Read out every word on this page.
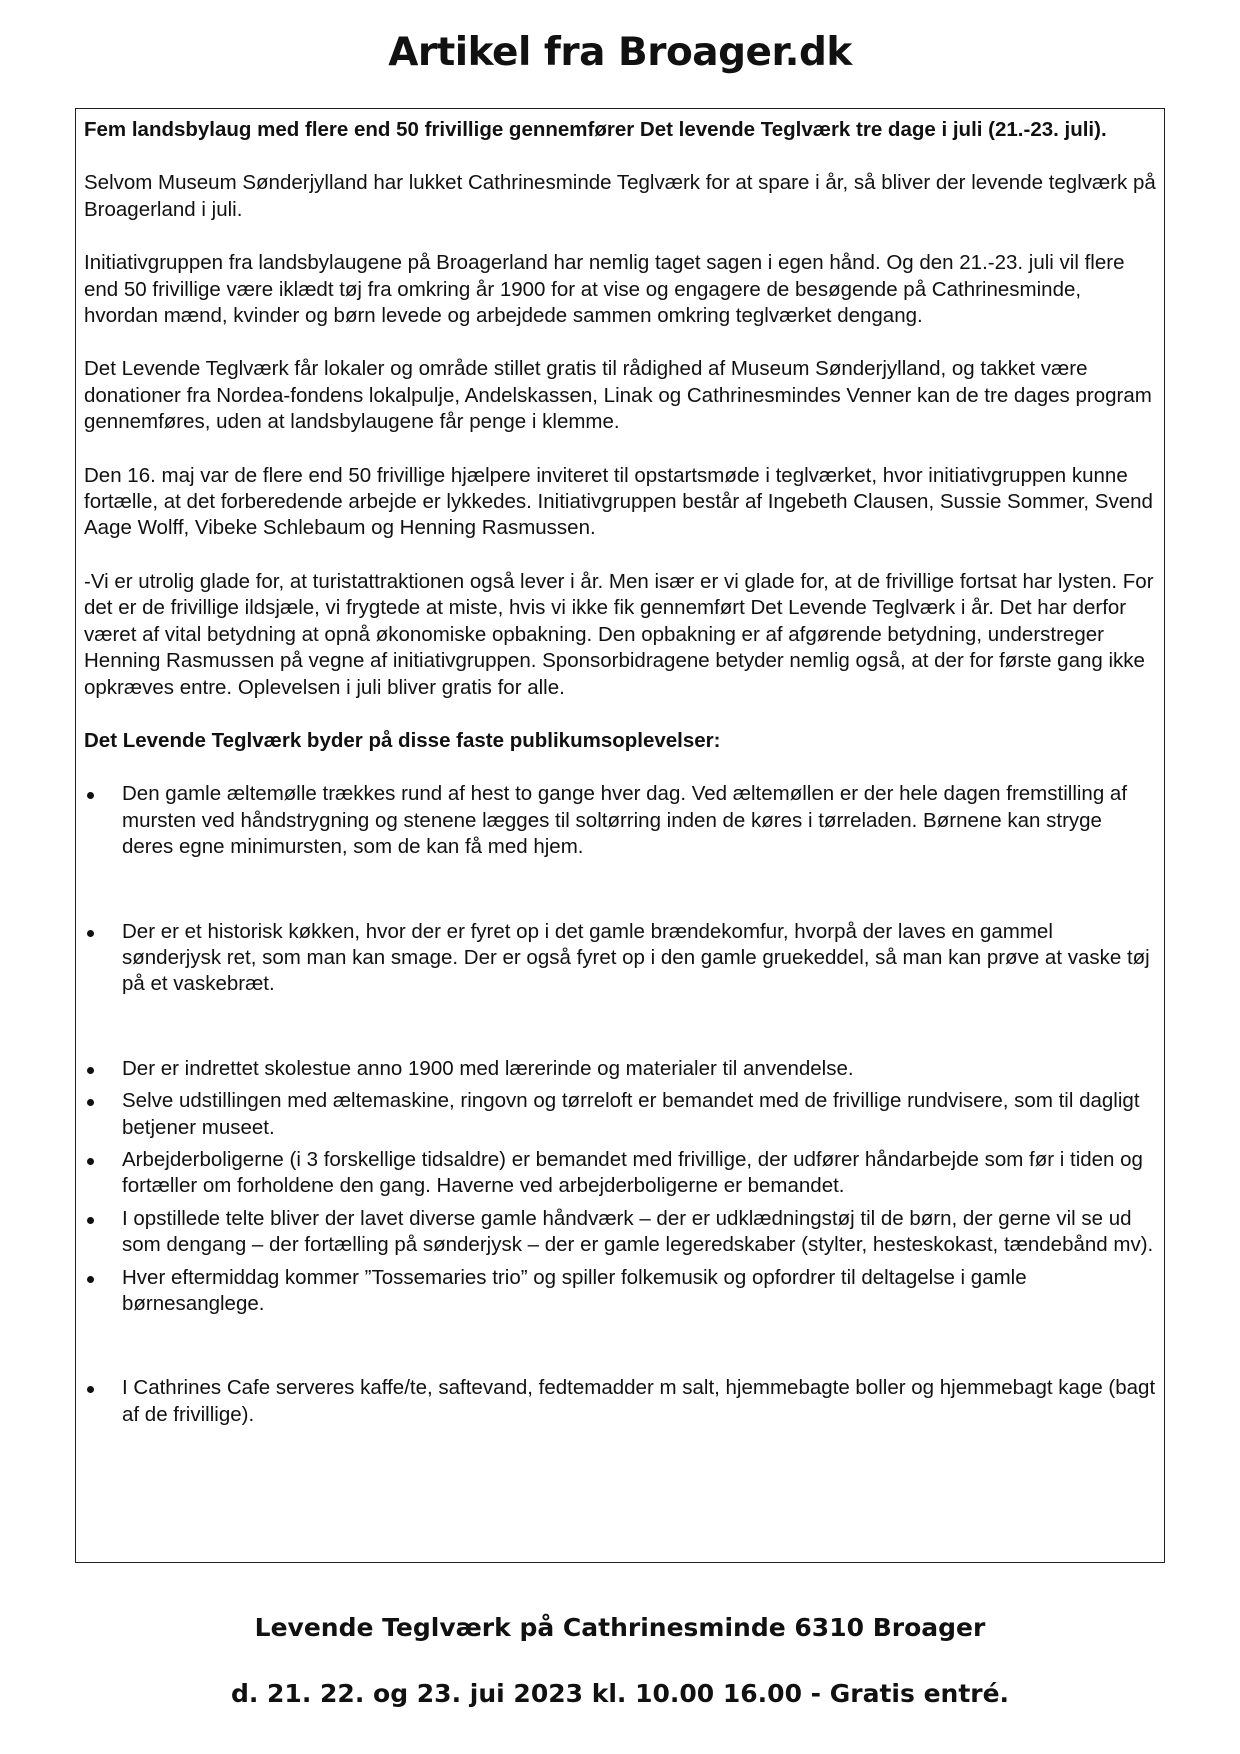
Artikel fra Broager.dk

Fem landsbylaug med flere end 50 frivillige gennemfører Det levende Teglværk tre dage i juli (21.-23. juli).

Selvom Museum Sønderjylland har lukket Cathrinesminde Teglværk for at spare i år, så bliver der levende teglværk på Broagerland i juli.

Initiativgruppen fra landsbylaugene på Broagerland har nemlig taget sagen i egen hånd. Og den 21.-23. juli vil flere end 50 frivillige være iklædt tøj fra omkring år 1900 for at vise og engagere de besøgende på Cathrinesminde, hvordan mænd, kvinder og børn levede og arbejdede sammen omkring teglværket dengang.

Det Levende Teglværk får lokaler og område stillet gratis til rådighed af Museum Sønderjylland, og takket være donationer fra Nordea-fondens lokalpulje, Andelskassen, Linak og Cathrinesmindes Venner kan de tre dages program gennemføres, uden at landsbylaugene får penge i klemme.

Den 16. maj var de flere end 50 frivillige hjælpere inviteret til opstartsmøde i teglværket, hvor initiativgruppen kunne fortælle, at det forberedende arbejde er lykkedes. Initiativgruppen består af Ingebeth Clausen, Sussie Sommer, Svend Aage Wolff, Vibeke Schlebaum og Henning Rasmussen.

-Vi er utrolig glade for, at turistattraktionen også lever i år. Men især er vi glade for, at de frivillige fortsat har lysten. For det er de frivillige ildsjæle, vi frygtede at miste, hvis vi ikke fik gennemført Det Levende Teglværk i år. Det har derfor været af vital betydning at opnå økonomiske opbakning. Den opbakning er af afgørende betydning, understreger Henning Rasmussen på vegne af initiativgruppen. Sponsorbidragene betyder nemlig også, at der for første gang ikke opkræves entre. Oplevelsen i juli bliver gratis for alle.

Det Levende Teglværk byder på disse faste publikumsoplevelser:

Den gamle æltemølle trækkes rund af hest to gange hver dag. Ved æltemøllen er der hele dagen fremstilling af mursten ved håndstrygning og stenene lægges til soltørring inden de køres i tørreladen. Børnene kan stryge deres egne minimursten, som de kan få med hjem.
Der er et historisk køkken, hvor der er fyret op i det gamle brændekomfur, hvorpå der laves en gammel sønderjysk ret, som man kan smage. Der er også fyret op i den gamle gruekeddel, så man kan prøve at vaske tøj på et vaskebræt.
Der er indrettet skolestue anno 1900 med lærerinde og materialer til anvendelse.
Selve udstillingen med æltemaskine, ringovn og tørreloft er bemandet med de frivillige rundvisere, som til dagligt betjener museet.
Arbejderboligerne (i 3 forskellige tidsaldre) er bemandet med frivillige, der udfører håndarbejde som før i tiden og fortæller om forholdene den gang. Haverne ved arbejderboligerne er bemandet.
I opstillede telte bliver der lavet diverse gamle håndværk – der er udklædningstøj til de børn, der gerne vil se ud som dengang – der fortælling på sønderjysk – der er gamle legeredskaber (stylter, hesteskokast, tændebånd mv).
Hver eftermiddag kommer ”Tossemaries trio” og spiller folkemusik og opfordrer til deltagelse i gamle børnesanglege.
I Cathrines Cafe serveres kaffe/te, saftevand, fedtemadder m salt, hjemmebagte boller og hjemmebagt kage (bagt af de frivillige).

Levende Teglværk på Cathrinesminde 6310 Broager

d. 21. 22. og 23. jui 2023 kl. 10.00 16.00 - Gratis entré.
